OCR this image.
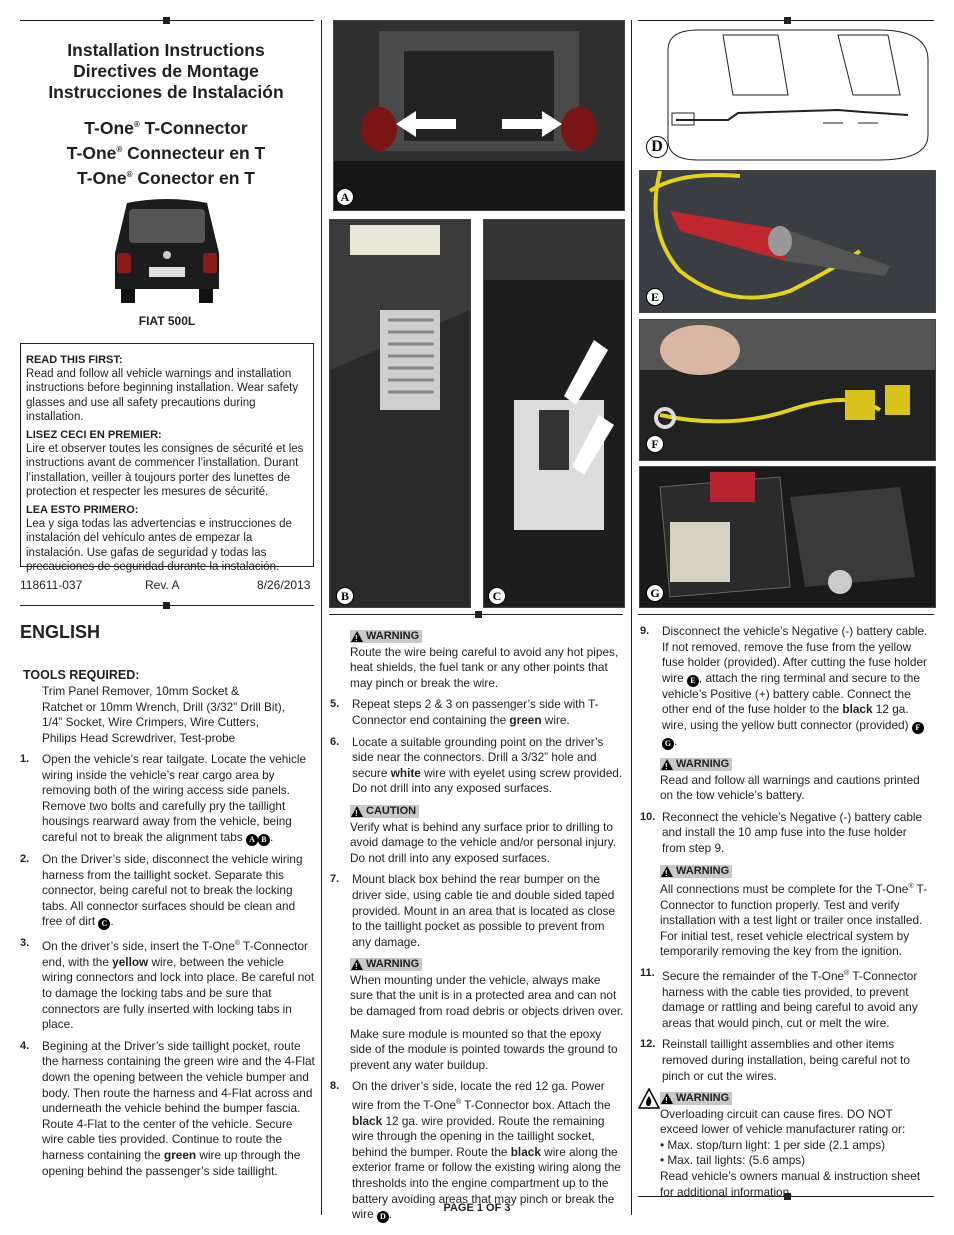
Installation Instructions
Directives de Montage
Instrucciones de Instalación
T-One® T-Connector
T-One® Connecteur en T
T-One® Conector en T
FIAT 500L

READ THIS FIRST:
Read and follow all vehicle warnings and installation instructions before beginning installation. Wear safety glasses and use all safety precautions during installation.

LISEZ CECI EN PREMIER:
Lire et observer toutes les consignes de sécurité et les instructions avant de commencer l’installation. Durant l’installation, veiller à toujours porter des lunettes de protection et respecter les mesures de sécurité.

LEA ESTO PRIMERO:
Lea y siga todas las advertencias e instrucciones de instalación del vehículo antes de empezar la instalación. Use gafas de seguridad y todas las precauciones de seguridad durante la instalación.

118611-037	Rev. A	8/26/2013
A
B	C
D
E
F
G
ENGLISH
TOOLS REQUIRED:
Trim Panel Remover, 10mm Socket &
Ratchet or 10mm Wrench, Drill (3/32” Drill Bit),
1/4” Socket, Wire Crimpers, Wire Cutters,
Philips Head Screwdriver, Test-probe
1. Open the vehicle’s rear tailgate. Locate the vehicle wiring inside the vehicle’s rear cargo area by removing both of the wiring access side panels. Remove two bolts and carefully pry the taillight housings rearward away from the vehicle, being careful not to break the alignment tabs A B .
2. On the Driver’s side, disconnect the vehicle wiring harness from the taillight socket. Separate this connector, being careful not to break the locking tabs. All connector surfaces should be clean and free of dirt C .
3. On the driver’s side, insert the T-One® T-Connector end, with the yellow wire, between the vehicle wiring connectors and lock into place. Be careful not to damage the locking tabs and be sure that connectors are fully inserted with locking tabs in place.
4. Begining at the Driver’s side taillight pocket, route the harness containing the green wire and the 4-Flat down the opening between the vehicle bumper and body. Then route the harness and 4-Flat across and underneath the vehicle behind the bumper fascia. Route 4-Flat to the center of the vehicle. Secure wire cable ties provided. Continue to route the harness containing the green wire up through the opening behind the passenger’s side taillight.
!
WARNING
Route the wire being careful to avoid any hot pipes, heat shields, the fuel tank or any other points that may pinch or break the wire.
5. Repeat steps 2 & 3 on passenger’s side with T-Connector end containing the green wire.
6. Locate a suitable grounding point on the driver’s side near the connectors. Drill a 3/32” hole and secure white wire with eyelet using screw provided. Do not drill into any exposed surfaces.
!
CAUTION
Verify what is behind any surface prior to drilling to avoid damage to the vehicle and/or personal injury. Do not drill into any exposed surfaces.
7. Mount black box behind the rear bumper on the driver side, using cable tie and double sided taped provided. Mount in an area that is located as close to the taillight pocket as possible to prevent from any damage.
!
WARNING
When mounting under the vehicle, always make sure that the unit is in a protected area and can not be damaged from road debris or objects driven over.
Make sure module is mounted so that the epoxy side of the module is pointed towards the ground to prevent any water buildup.
8. On the driver’s side, locate the red 12 ga. Power wire from the T-One® T-Connector box. Attach the black 12 ga. wire provided. Route the remaining wire through the opening in the taillight socket, behind the bumper. Route the black wire along the exterior frame or follow the existing wiring along the thresholds into the engine compartment up to the battery avoiding areas that may pinch or break the wire D .
9. Disconnect the vehicle’s Negative (-) battery cable. If not removed, remove the fuse from the yellow fuse holder (provided). After cutting the fuse holder wire E , attach the ring terminal and secure to the vehicle’s Positive (+) battery cable. Connect the other end of the fuse holder to the black 12 ga. wire, using the yellow butt connector (provided) FG .
!
WARNING
Read and follow all warnings and cautions printed on the tow vehicle’s battery.
10. Reconnect the vehicle’s Negative (-) battery cable and install the 10 amp fuse into the fuse holder from step 9.
!
WARNING
All connections must be complete for the T-One® T-Connector to function properly. Test and verify installation with a test light or trailer once installed. For initial test, reset vehicle electrical system by temporarily removing the key from the ignition.
11. Secure the remainder of the T-One® T-Connector harness with the cable ties provided, to prevent damage or rattling and being careful to avoid any areas that would pinch, cut or melt the wire.
12. Reinstall taillight assemblies and other items removed during installation, being careful not to pinch or cut the wires.
!
WARNING
Overloading circuit can cause fires. DO NOT exceed lower of vehicle manufacturer rating or:
• Max. stop/turn light: 1 per side (2.1 amps)
• Max. tail lights: (5.6 amps)
Read vehicle’s owners manual & instruction sheet for additional information.
PAGE 1 OF 3
